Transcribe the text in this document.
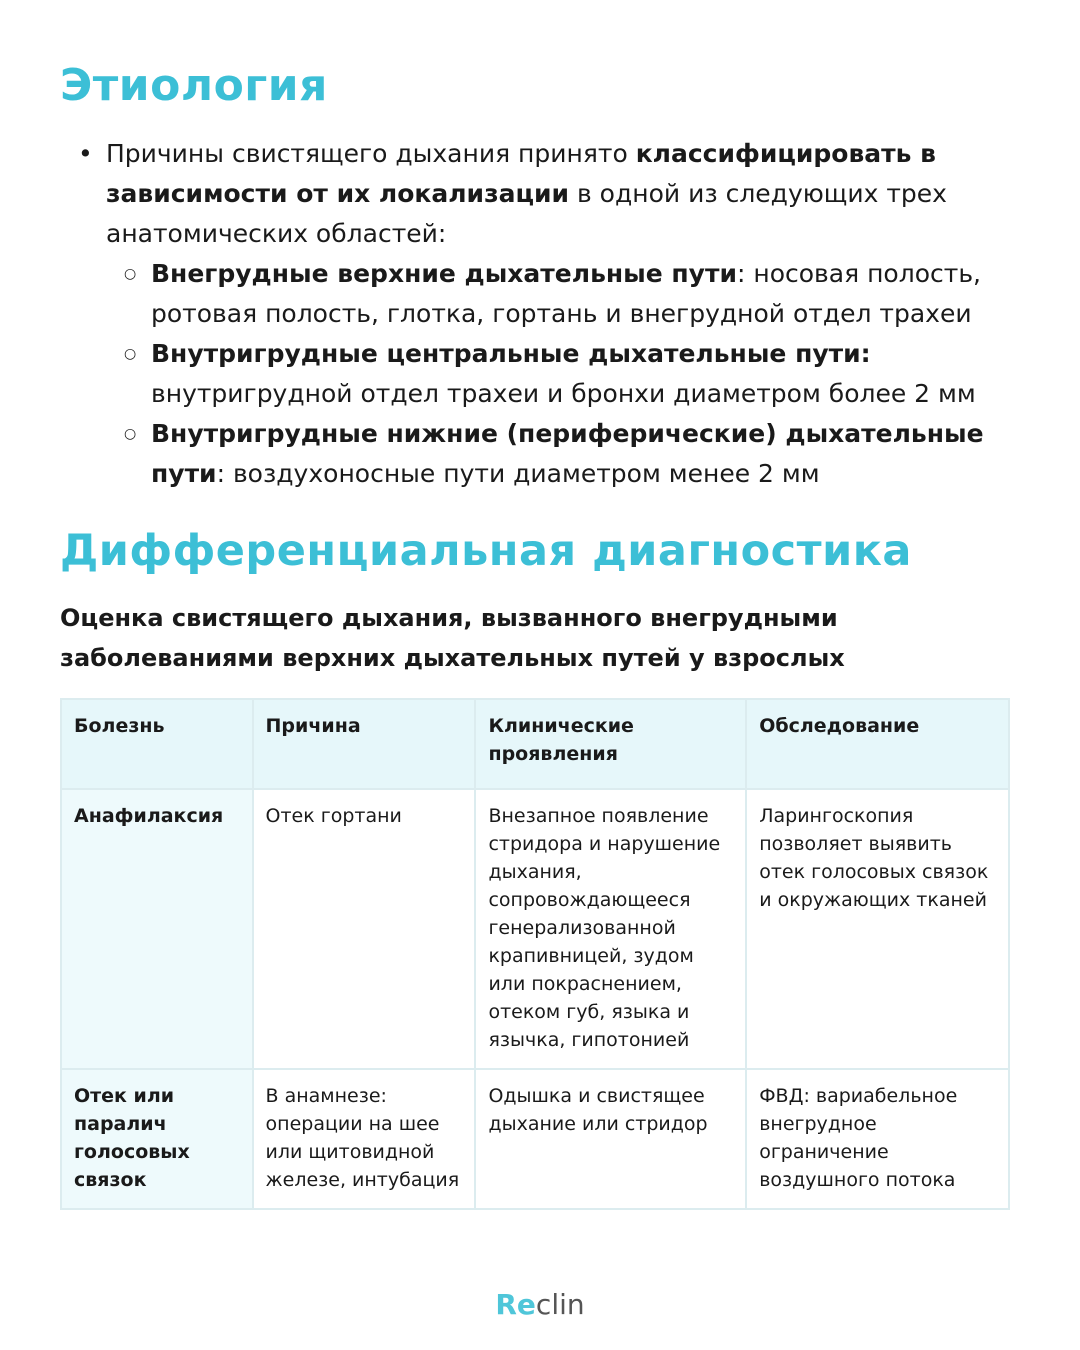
Этиология
• Причины свистящего дыхания принято классифицировать в зависимости от их локализации в одной из следующих трех анатомических областей:
○ Внегрудные верхние дыхательные пути: носовая полость, ротовая полость, глотка, гортань и внегрудной отдел трахеи
○ Внутригрудные центральные дыхательные пути: внутригрудной отдел трахеи и бронхи диаметром более 2 мм
○ Внутригрудные нижние (периферические) дыхательные пути: воздухоносные пути диаметром менее 2 мм
Дифференциальная диагностика
Оценка свистящего дыхания, вызванного внегрудными заболеваниями верхних дыхательных путей у взрослых
Болезнь	Причина	Клинические проявления	Обследование
Анафилаксия	Отек гортани	Внезапное появление стридора и нарушение дыхания, сопровождающееся генерализованной крапивницей, зудом или покраснением, отеком губ, языка и язычка, гипотонией	Ларингоскопия позволяет выявить отек голосовых связок и окружающих тканей
Отек или паралич голосовых связок	В анамнезе: операции на шее или щитовидной железе, интубация	Одышка и свистящее дыхание или стридор	ФВД: вариабельное внегрудное ограничение воздушного потока
Reclin
